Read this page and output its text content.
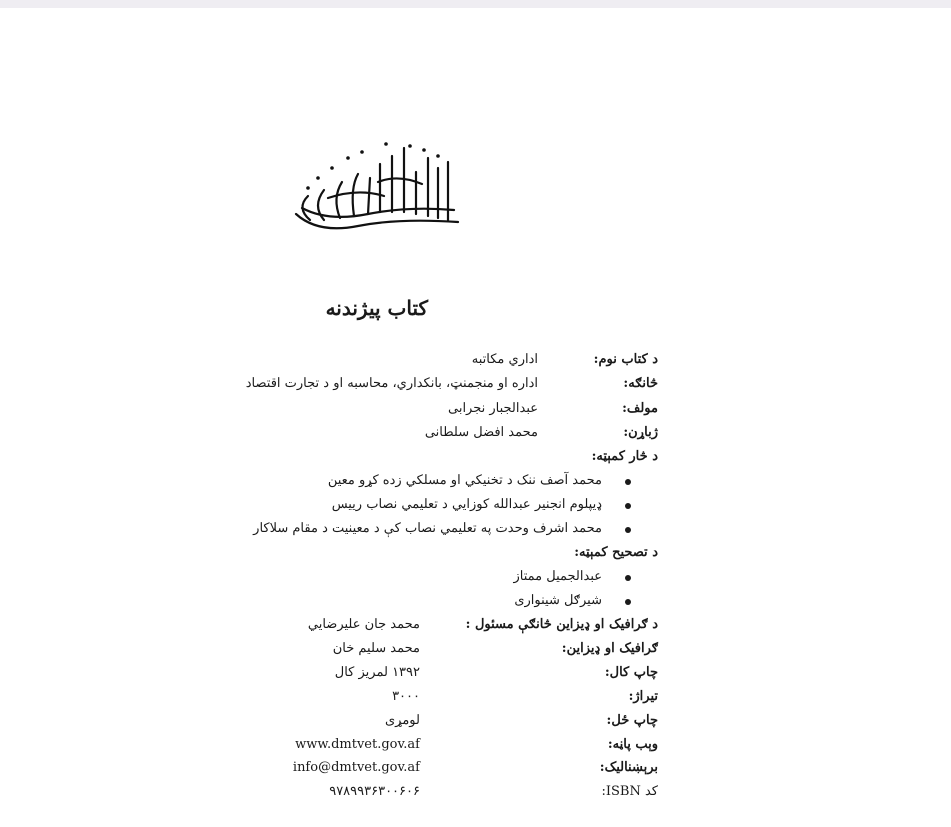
کتاب پیژندنه
د کتاب نوم:
اداري مکاتبه
څانګه:
اداره او منجمنټ، بانکداري، محاسبه او د تجارت اقتصاد
مولف:
عبدالجبار نجرابی
ژباړن:
محمد افضل سلطانی
د څار کمېټه:
محمد آصف ننک د تخنيکي او مسلکي زده کړو معين
ډيپلوم انجنير عبدالله کوزایي د تعليمي نصاب رييس
محمد اشرف وحدت په تعليمي نصاب کې د معينيت د مقام سلاکار
د تصحيح کمېټه:
عبدالجميل ممتاز
شيرګل شينواری
د ګرافيک او ډيزاين څانګې مسئول :
محمد جان عليرضايي
ګرافيک او ډيزاين:
محمد سليم خان
چاپ کال:
۱۳۹۲ لمريز کال
تيراژ:
۳۰۰۰
چاپ ځل:
لومړی
وېب پاڼه:
www.dmtvet.gov.af
برېښناليک:
info@dmtvet.gov.af
کد ISBN:
۹۷۸۹۹۳۶۳۰۰۶۰۶
